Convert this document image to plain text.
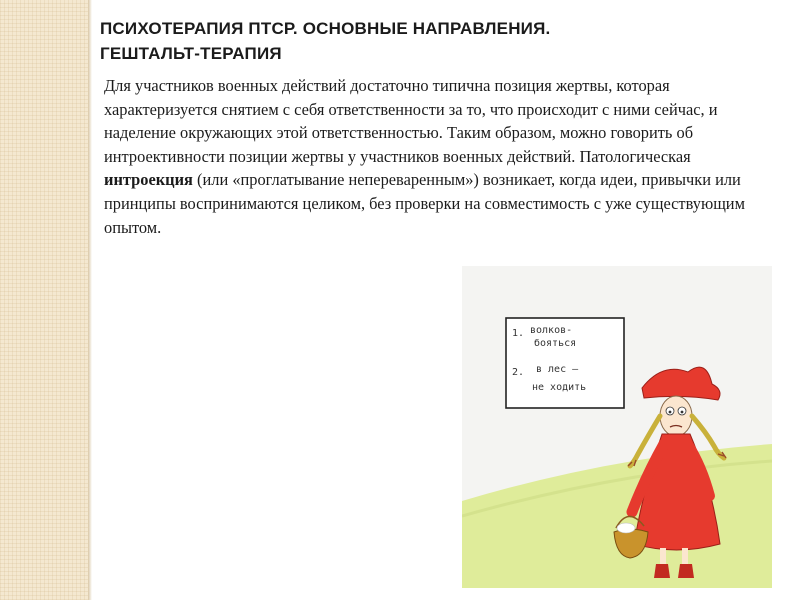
ПСИХОТЕРАПИЯ ПТСР. ОСНОВНЫЕ НАПРАВЛЕНИЯ.
ГЕШТАЛЬТ-ТЕРАПИЯ

Для участников военных действий достаточно типична позиция жертвы, которая характеризуется снятием с себя ответственности за то, что происходит с ними сейчас, и наделение окружающих этой ответственностью. Таким образом, можно говорить об интроективности позиции жертвы у участников военных действий. Патологическая интроекция (или «проглатывание непереваренным») возникает, когда идеи, привычки или принципы воспринимаются целиком, без проверки на совместимость с уже существующим опытом.

1. волков-
бояться
2. в лес –
не ходить
